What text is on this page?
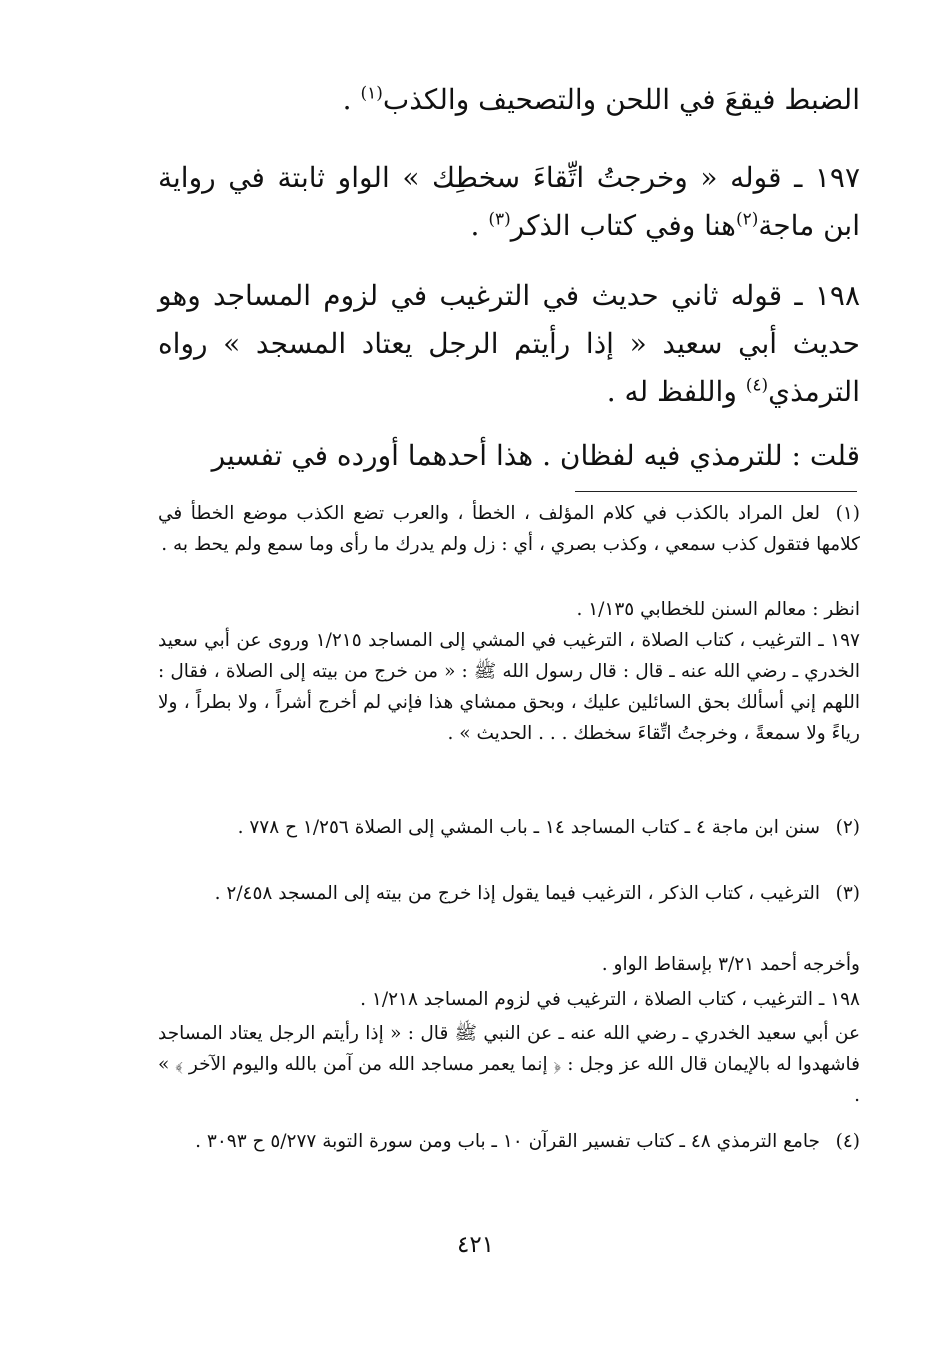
الضبط فيقعَ في اللحن والتصحيف والكذب$^{(١)}$ .
١٩٧ ـ قوله « وخرجتُ اتِّقاءَ سخطِك » الواو ثابتة في رواية ابن ماجة$^{(٢)}$هنا وفي كتاب الذكر$^{(٣)}$ .
١٩٨ ـ قوله ثاني حديث في الترغيب في لزوم المساجد وهو حديث أبي سعيد « إذا رأيتم الرجل يعتاد المسجد » رواه الترمذي$^{(٤)}$ واللفظ له .
قلت : للترمذي فيه لفظان . هذا أحدهما أورده في تفسير
(١)لعل المراد بالكذب في كلام المؤلف ، الخطأ ، والعرب تضع الكذب موضع الخطأ في كلامها فتقول كذب سمعي ، وكذب بصري ، أي : زل ولم يدرك ما رأى وما سمع ولم يحط به .
انظر : معالم السنن للخطابي ١/١٣٥ .
١٩٧ ـ الترغيب ، كتاب الصلاة ، الترغيب في المشي إلى المساجد ١/٢١٥ وروى عن أبي سعيد الخدري ـ رضي الله عنه ـ قال : قال رسول الله ﷺ : « من خرج من بيته إلى الصلاة ، فقال : اللهم إني أسألك بحق السائلين عليك ، وبحق ممشاي هذا فإني لم أخرج أشراً ، ولا بطراً ، ولا رياءً ولا سمعةً ، وخرجتُ اتِّقاءَ سخطك . . . الحديث » .
(٢)سنن ابن ماجة ٤ ـ كتاب المساجد ١٤ ـ باب المشي إلى الصلاة ١/٢٥٦ ح ٧٧٨ .
(٣)الترغيب ، كتاب الذكر ، الترغيب فيما يقول إذا خرج من بيته إلى المسجد ٢/٤٥٨ .
وأخرجه أحمد ٣/٢١ بإسقاط الواو .
١٩٨ ـ الترغيب ، كتاب الصلاة ، الترغيب في لزوم المساجد ١/٢١٨ .
عن أبي سعيد الخدري ـ رضي الله عنه ـ عن النبي ﷺ قال : « إذا رأيتم الرجل يعتاد المساجد فاشهدوا له بالإيمان قال الله عز وجل : ﴿ إنما يعمر مساجد الله من آمن بالله واليوم الآخر ﴾ » .
(٤)جامع الترمذي ٤٨ ـ كتاب تفسير القرآن ١٠ ـ باب ومن سورة التوبة ٥/٢٧٧ ح ٣٠٩٣ .
٤٢١
